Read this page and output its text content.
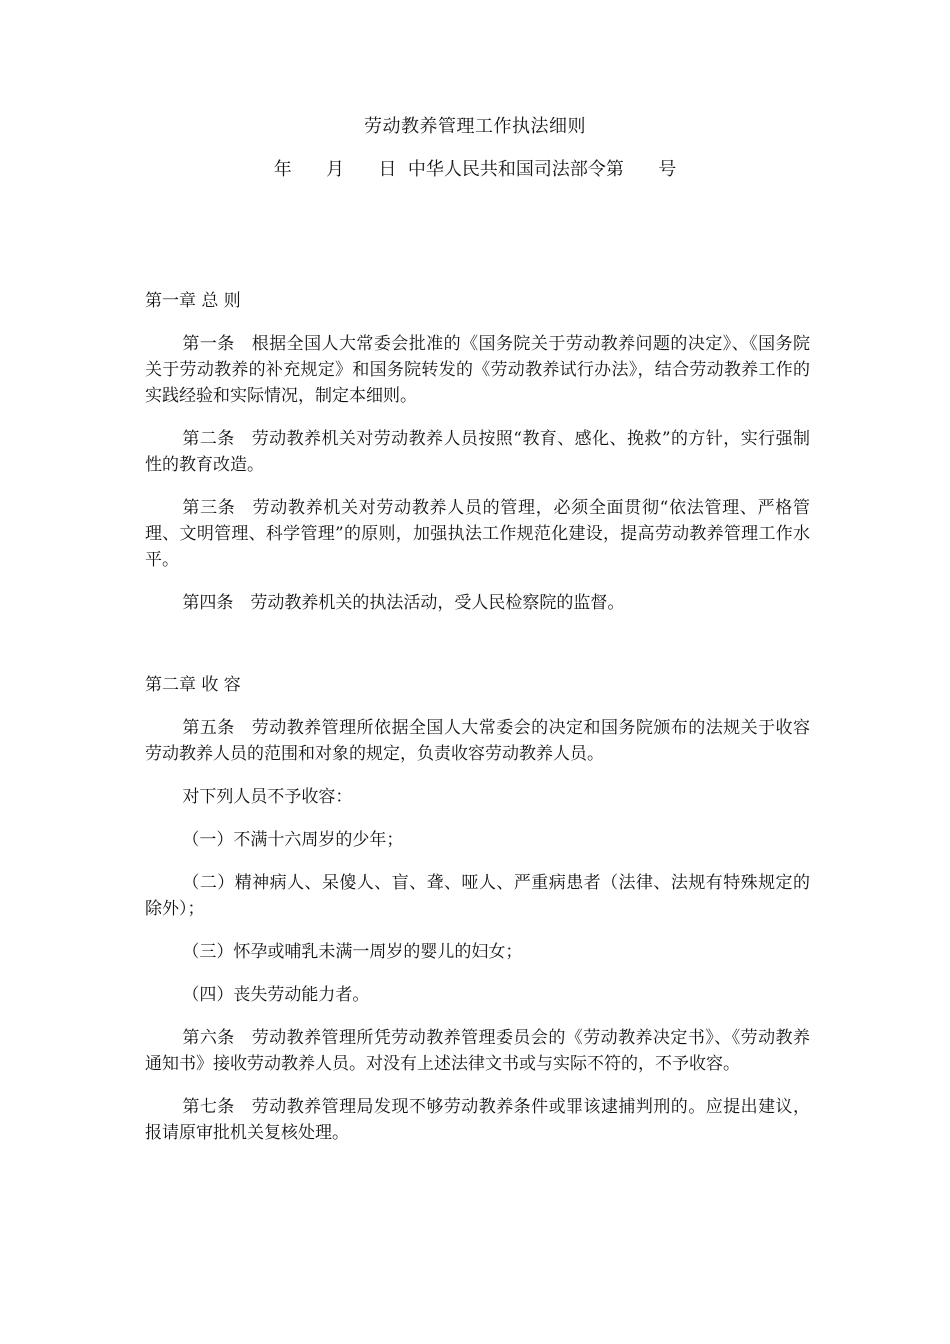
劳动教养管理工作执法细则
年      月      日  中华人民共和国司法部令第      号

第一章 总 则

第一条 根据全国人大常委会批准的《国务院关于劳动教养问题的决定》、《国务院关于劳动教养的补充规定》和国务院转发的《劳动教养试行办法》，结合劳动教养工作的实践经验和实际情况，制定本细则。

第二条 劳动教养机关对劳动教养人员按照“教育、感化、挽救”的方针，实行强制性的教育改造。

第三条 劳动教养机关对劳动教养人员的管理，必须全面贯彻“依法管理、严格管理、文明管理、科学管理”的原则，加强执法工作规范化建设，提高劳动教养管理工作水平。

第四条 劳动教养机关的执法活动，受人民检察院的监督。

第二章 收 容

第五条 劳动教养管理所依据全国人大常委会的决定和国务院颁布的法规关于收容劳动教养人员的范围和对象的规定，负责收容劳动教养人员。

对下列人员不予收容：

（一）不满十六周岁的少年；

（二）精神病人、呆傻人、盲、聋、哑人、严重病患者（法律、法规有特殊规定的除外）；

（三）怀孕或哺乳未满一周岁的婴儿的妇女；

（四）丧失劳动能力者。

第六条 劳动教养管理所凭劳动教养管理委员会的《劳动教养决定书》、《劳动教养通知书》接收劳动教养人员。对没有上述法律文书或与实际不符的，不予收容。

第七条 劳动教养管理局发现不够劳动教养条件或罪该逮捕判刑的。应提出建议，报请原审批机关复核处理。
